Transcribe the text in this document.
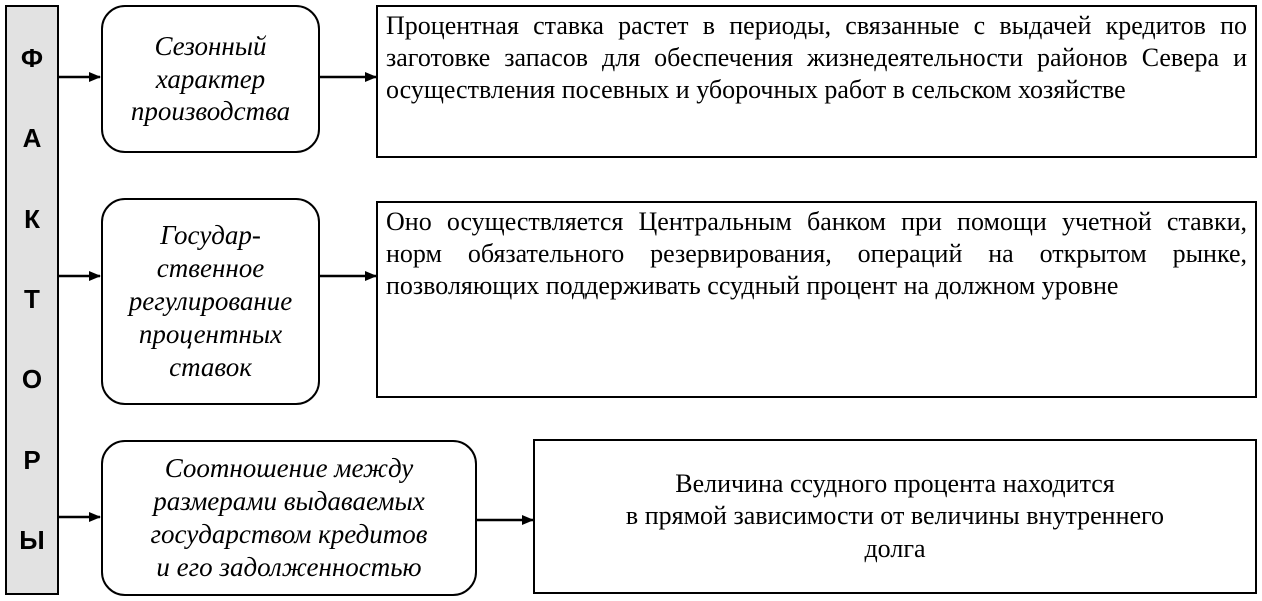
Ф
А
К
Т
О
Р
Ы
Сезонный
характер
производства
Процентная ставка растет в периоды, связанные с выдачей кредитов по заготовке запасов для обеспечения жизнедеятельности районов Севера и осуществления посевных и уборочных работ в сельском хозяйстве
Государ-
ственное
регулирование
процентных
ставок
Оно осуществляется Центральным банком при помощи учетной ставки, норм обязательного резервирования, операций на открытом рынке, позволяющих поддерживать ссудный процент на должном уровне
Соотношение между
размерами выдаваемых
государством кредитов
и его задолженностью
Величина ссудного процента находится
в прямой зависимости от величины внутреннего
долга
